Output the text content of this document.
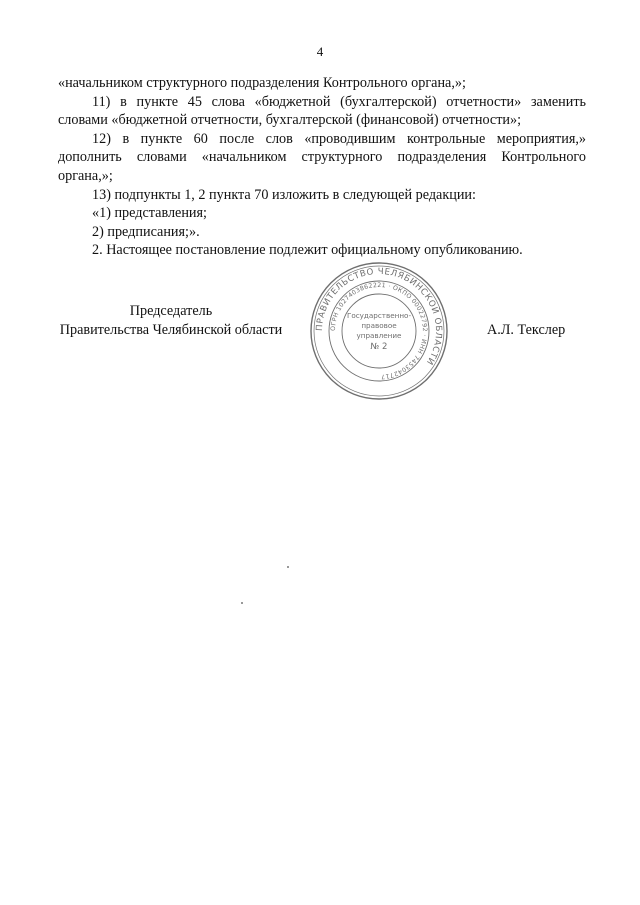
4

«начальником структурного подразделения Контрольного органа,»;

11) в пункте 45 слова «бюджетной (бухгалтерской) отчетности» заменить

словами «бюджетной отчетности, бухгалтерской (финансовой) отчетности»;

12) в пункте 60 после слов «проводившим контрольные мероприятия,»

дополнить словами «начальником структурного подразделения Контрольного

органа,»;

13) подпункты 1, 2 пункта 70 изложить в следующей редакции:

«1) представления;

2) предписания;».

2. Настоящее постановление подлежит официальному опубликованию.

Председатель
Правительства Челябинской области	А.Л. Текслер
ПРАВИТЕЛЬСТВО ЧЕЛЯБИНСКОЙ ОБЛАСТИ
ОГРН 1027403862221 · ОКПО 00022792 · ИНН 7453042717
Государственно-
правовое
управление
№ 2
